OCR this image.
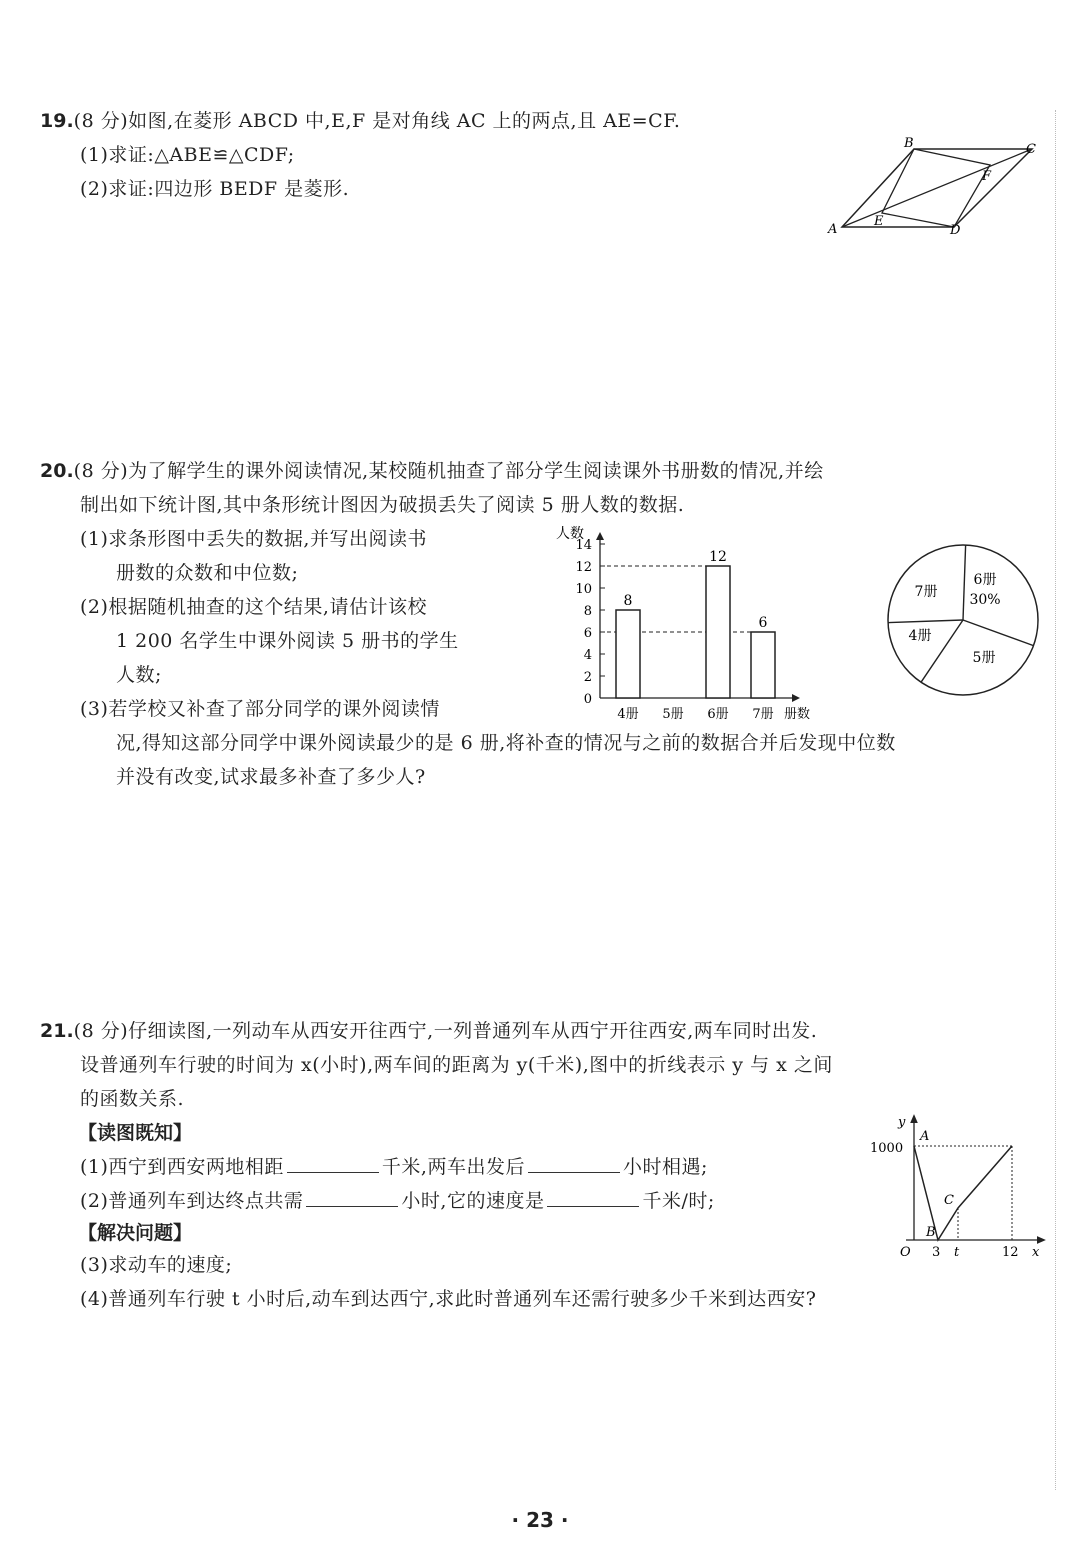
19.(8 分)如图,在菱形 ABCD 中,E,F 是对角线 AC 上的两点,且 AE=CF.
(1)求证:△ABE≌△CDF;
(2)求证:四边形 BEDF 是菱形.
A
B	C
D
E
F
20.(8 分)为了解学生的课外阅读情况,某校随机抽查了部分学生阅读课外书册数的情况,并绘
制出如下统计图,其中条形统计图因为破损丢失了阅读 5 册人数的数据.
(1)求条形图中丢失的数据,并写出阅读书
册数的众数和中位数;
(2)根据随机抽查的这个结果,请估计该校
1 200 名学生中课外阅读 5 册书的学生
人数;
(3)若学校又补查了部分同学的课外阅读情
况,得知这部分同学中课外阅读最少的是 6 册,将补查的情况与之前的数据合并后发现中位数
并没有改变,试求最多补查了多少人?
人数
0
2
4
6
8
10
12
14
8
12
6
4册 5册 6册 7册 册数
6册
30%
5册
4册
7册
21.(8 分)仔细读图,一列动车从西安开往西宁,一列普通列车从西宁开往西安,两车同时出发.
设普通列车行驶的时间为 x(小时),两车间的距离为 y(千米),图中的折线表示 y 与 x 之间
的函数关系.
【读图既知】
(1)西宁到西安两地相距	千米,两车出发后	小时相遇;
(2)普通列车到达终点共需	小时,它的速度是	千米/时;
【解决问题】
(3)求动车的速度;
(4)普通列车行驶 t 小时后,动车到达西宁,求此时普通列车还需行驶多少千米到达西安?
y
x
O
1000
3 t	12
A
B
C
· 23 ·
